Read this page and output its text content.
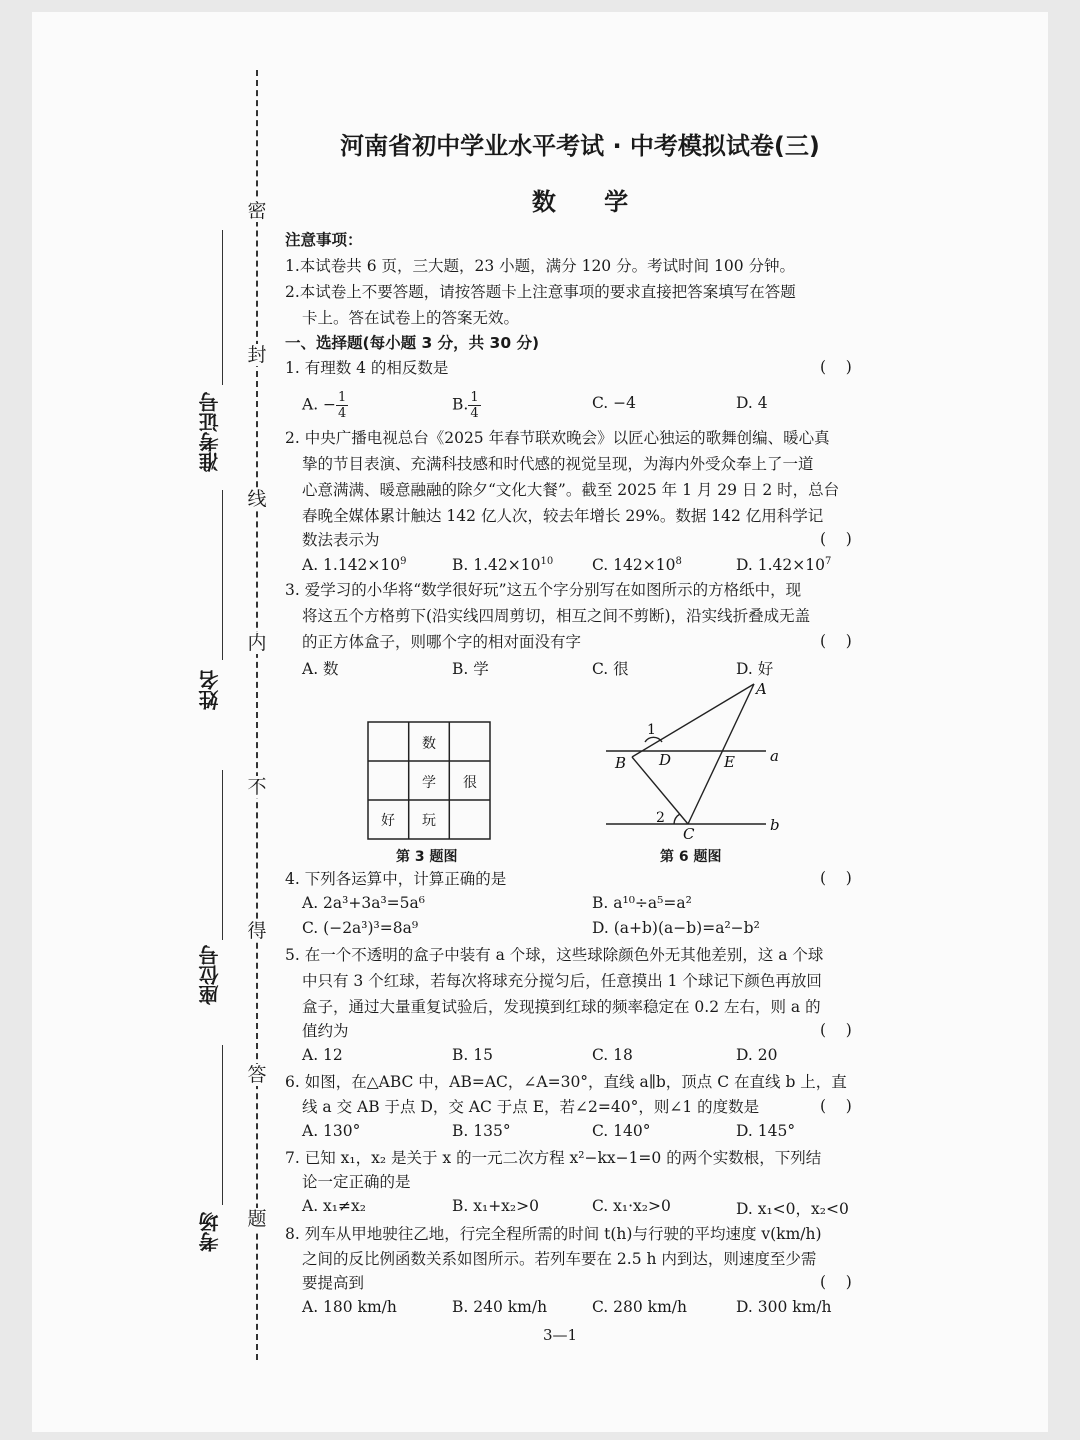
密
封
线
内
不
得
答
题
准考证号
姓名
座位号
考场
河南省初中学业水平考试 · 中考模拟试卷(三)
数 学
注意事项：
1.本试卷共 6 页，三大题，23 小题，满分 120 分。考试时间 100 分钟。
2.本试卷上不要答题，请按答题卡上注意事项的要求直接把答案填写在答题
卡上。答在试卷上的答案无效。
一、选择题(每小题 3 分，共 30 分)
1. 有理数 4 的相反数是	(    )
A. − $\frac{1}{4}$	B. $\frac{1}{4}$	C. −4	D. 4
2. 中央广播电视总台《2025 年春节联欢晚会》以匠心独运的歌舞创编、暖心真
挚的节目表演、充满科技感和时代感的视觉呈现，为海内外受众奉上了一道
心意满满、暖意融融的除夕“文化大餐”。截至 2025 年 1 月 29 日 2 时，总台
春晚全媒体累计触达 142 亿人次，较去年增长 29%。数据 142 亿用科学记
数法表示为	(    )
A. $1.142\times 10^9$	B. $1.42\times 10^{10}$	C. $142\times 10^8$	D. $1.42\times 10^7$
3. 爱学习的小华将“数学很好玩”这五个字分别写在如图所示的方格纸中，现
将这五个方格剪下(沿实线四周剪切，相互之间不剪断)，沿实线折叠成无盖
的正方体盒子，则哪个字的相对面没有字	(    )
A. 数	B. 学	C. 很	D. 好
数
学 很
好 玩
第 3 题图
A
B
C
D	E a
b
1
2
第 6 题图
4. 下列各运算中，计算正确的是	(    )
A. 2a³+3a³=5a⁶	B. a¹⁰÷a⁵=a²
C. (−2a³)³=8a⁹	D. (a+b)(a−b)=a²−b²
5. 在一个不透明的盒子中装有 a 个球，这些球除颜色外无其他差别，这 a 个球
中只有 3 个红球，若每次将球充分搅匀后，任意摸出 1 个球记下颜色再放回
盒子，通过大量重复试验后，发现摸到红球的频率稳定在 0.2 左右，则 a 的
值约为	(    )
A. 12	B. 15	C. 18	D. 20
6. 如图，在△ABC 中，AB=AC，∠A=30°，直线 a∥b，顶点 C 在直线 b 上，直
线 a 交 AB 于点 D，交 AC 于点 E，若∠2=40°，则∠1 的度数是	(    )
A. 130°	B. 135°	C. 140°	D. 145°
7. 已知 x₁，x₂ 是关于 x 的一元二次方程 x²−kx−1=0 的两个实数根，下列结
论一定正确的是
A. x₁≠x₂	B. x₁+x₂>0	C. x₁·x₂>0	D. x₁<0，x₂<0
8. 列车从甲地驶往乙地，行完全程所需的时间 t(h)与行驶的平均速度 v(km/h)
之间的反比例函数关系如图所示。若列车要在 2.5 h 内到达，则速度至少需
要提高到	(    )
A. 180 km/h	B. 240 km/h	C. 280 km/h	D. 300 km/h
3—1
